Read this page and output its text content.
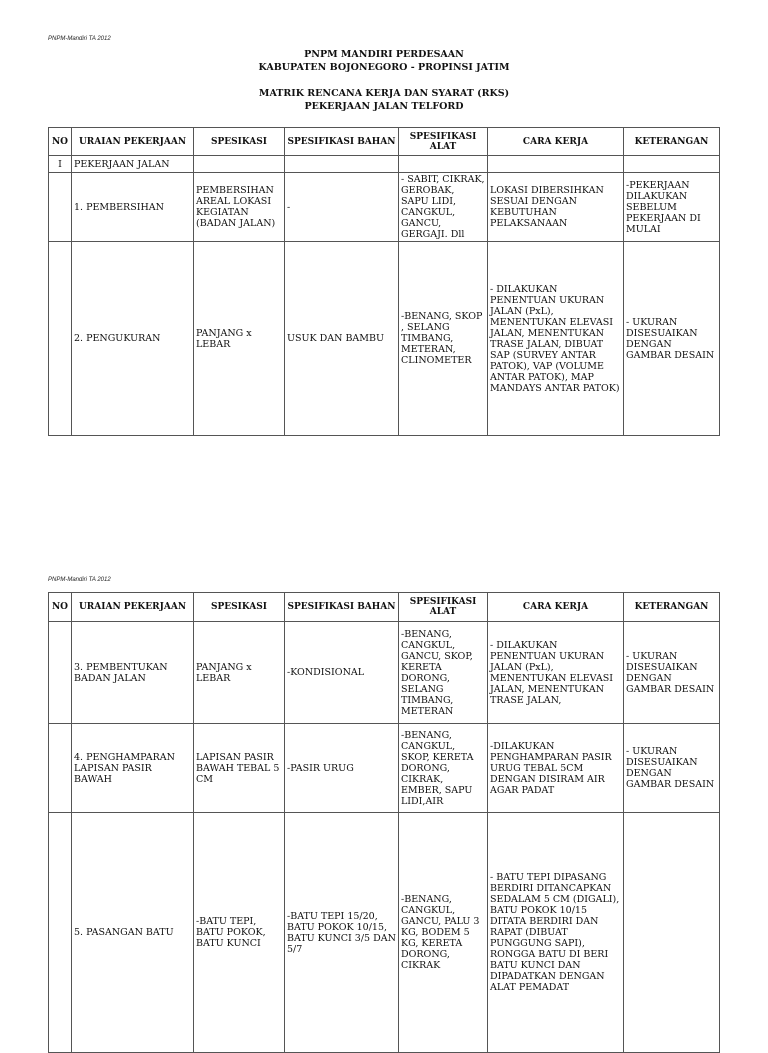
PNPM-Mandiri TA 2012
PNPM MANDIRI PERDESAAN
KABUPATEN BOJONEGORO - PROPINSI JATIM
MATRIK RENCANA KERJA DAN SYARAT (RKS)
PEKERJAAN JALAN TELFORD
NO	URAIAN PEKERJAAN	SPESIKASI	SPESIFIKASI BAHAN	SPESIFIKASI ALAT	CARA KERJA	KETERANGAN
I	PEKERJAAN JALAN					
	1. PEMBERSIHAN	PEMBERSIHAN AREAL LOKASI KEGIATAN (BADAN JALAN)	-	- SABIT, CIKRAK, GEROBAK, SAPU LIDI, CANGKUL, GANCU, GERGAJI. Dll	LOKASI DIBERSIHKAN SESUAI DENGAN KEBUTUHAN PELAKSANAAN	-PEKERJAAN DILAKUKAN SEBELUM PEKERJAAN DI MULAI
	2. PENGUKURAN	PANJANG x LEBAR	USUK DAN BAMBU	-BENANG, SKOP , SELANG TIMBANG, METERAN, CLINOMETER	- DILAKUKAN PENENTUAN UKURAN JALAN (PxL), MENENTUKAN ELEVASI JALAN, MENENTUKAN TRASE JALAN, DIBUAT SAP (SURVEY ANTAR PATOK), VAP (VOLUME ANTAR PATOK), MAP MANDAYS ANTAR PATOK)	- UKURAN DISESUAIKAN DENGAN GAMBAR DESAIN
PNPM-Mandiri TA 2012
NO	URAIAN PEKERJAAN	SPESIKASI	SPESIFIKASI BAHAN	SPESIFIKASI ALAT	CARA KERJA	KETERANGAN
	3. PEMBENTUKAN BADAN JALAN	PANJANG x LEBAR	-KONDISIONAL	-BENANG, CANGKUL, GANCU, SKOP, KERETA DORONG, SELANG TIMBANG, METERAN	- DILAKUKAN PENENTUAN UKURAN JALAN (PxL), MENENTUKAN ELEVASI JALAN, MENENTUKAN TRASE JALAN,	- UKURAN DISESUAIKAN DENGAN GAMBAR DESAIN
	4. PENGHAMPARAN LAPISAN PASIR BAWAH	LAPISAN PASIR BAWAH TEBAL 5 CM	-PASIR URUG	-BENANG, CANGKUL, SKOP, KERETA DORONG, CIKRAK, EMBER, SAPU LIDI,AIR	-DILAKUKAN PENGHAMPARAN PASIR URUG TEBAL 5CM DENGAN DISIRAM AIR AGAR PADAT	- UKURAN DISESUAIKAN DENGAN GAMBAR DESAIN
	5. PASANGAN BATU	-BATU TEPI, BATU POKOK, BATU KUNCI	-BATU TEPI 15/20, BATU POKOK 10/15, BATU KUNCI 3/5 DAN 5/7	-BENANG, CANGKUL, GANCU, PALU 3 KG, BODEM 5 KG, KERETA DORONG, CIKRAK	- BATU TEPI DIPASANG BERDIRI DITANCAPKAN SEDALAM 5 CM (DIGALI), BATU POKOK 10/15 DITATA BERDIRI DAN RAPAT (DIBUAT PUNGGUNG SAPI), RONGGA BATU DI BERI BATU KUNCI DAN DIPADATKAN DENGAN ALAT PEMADAT	
